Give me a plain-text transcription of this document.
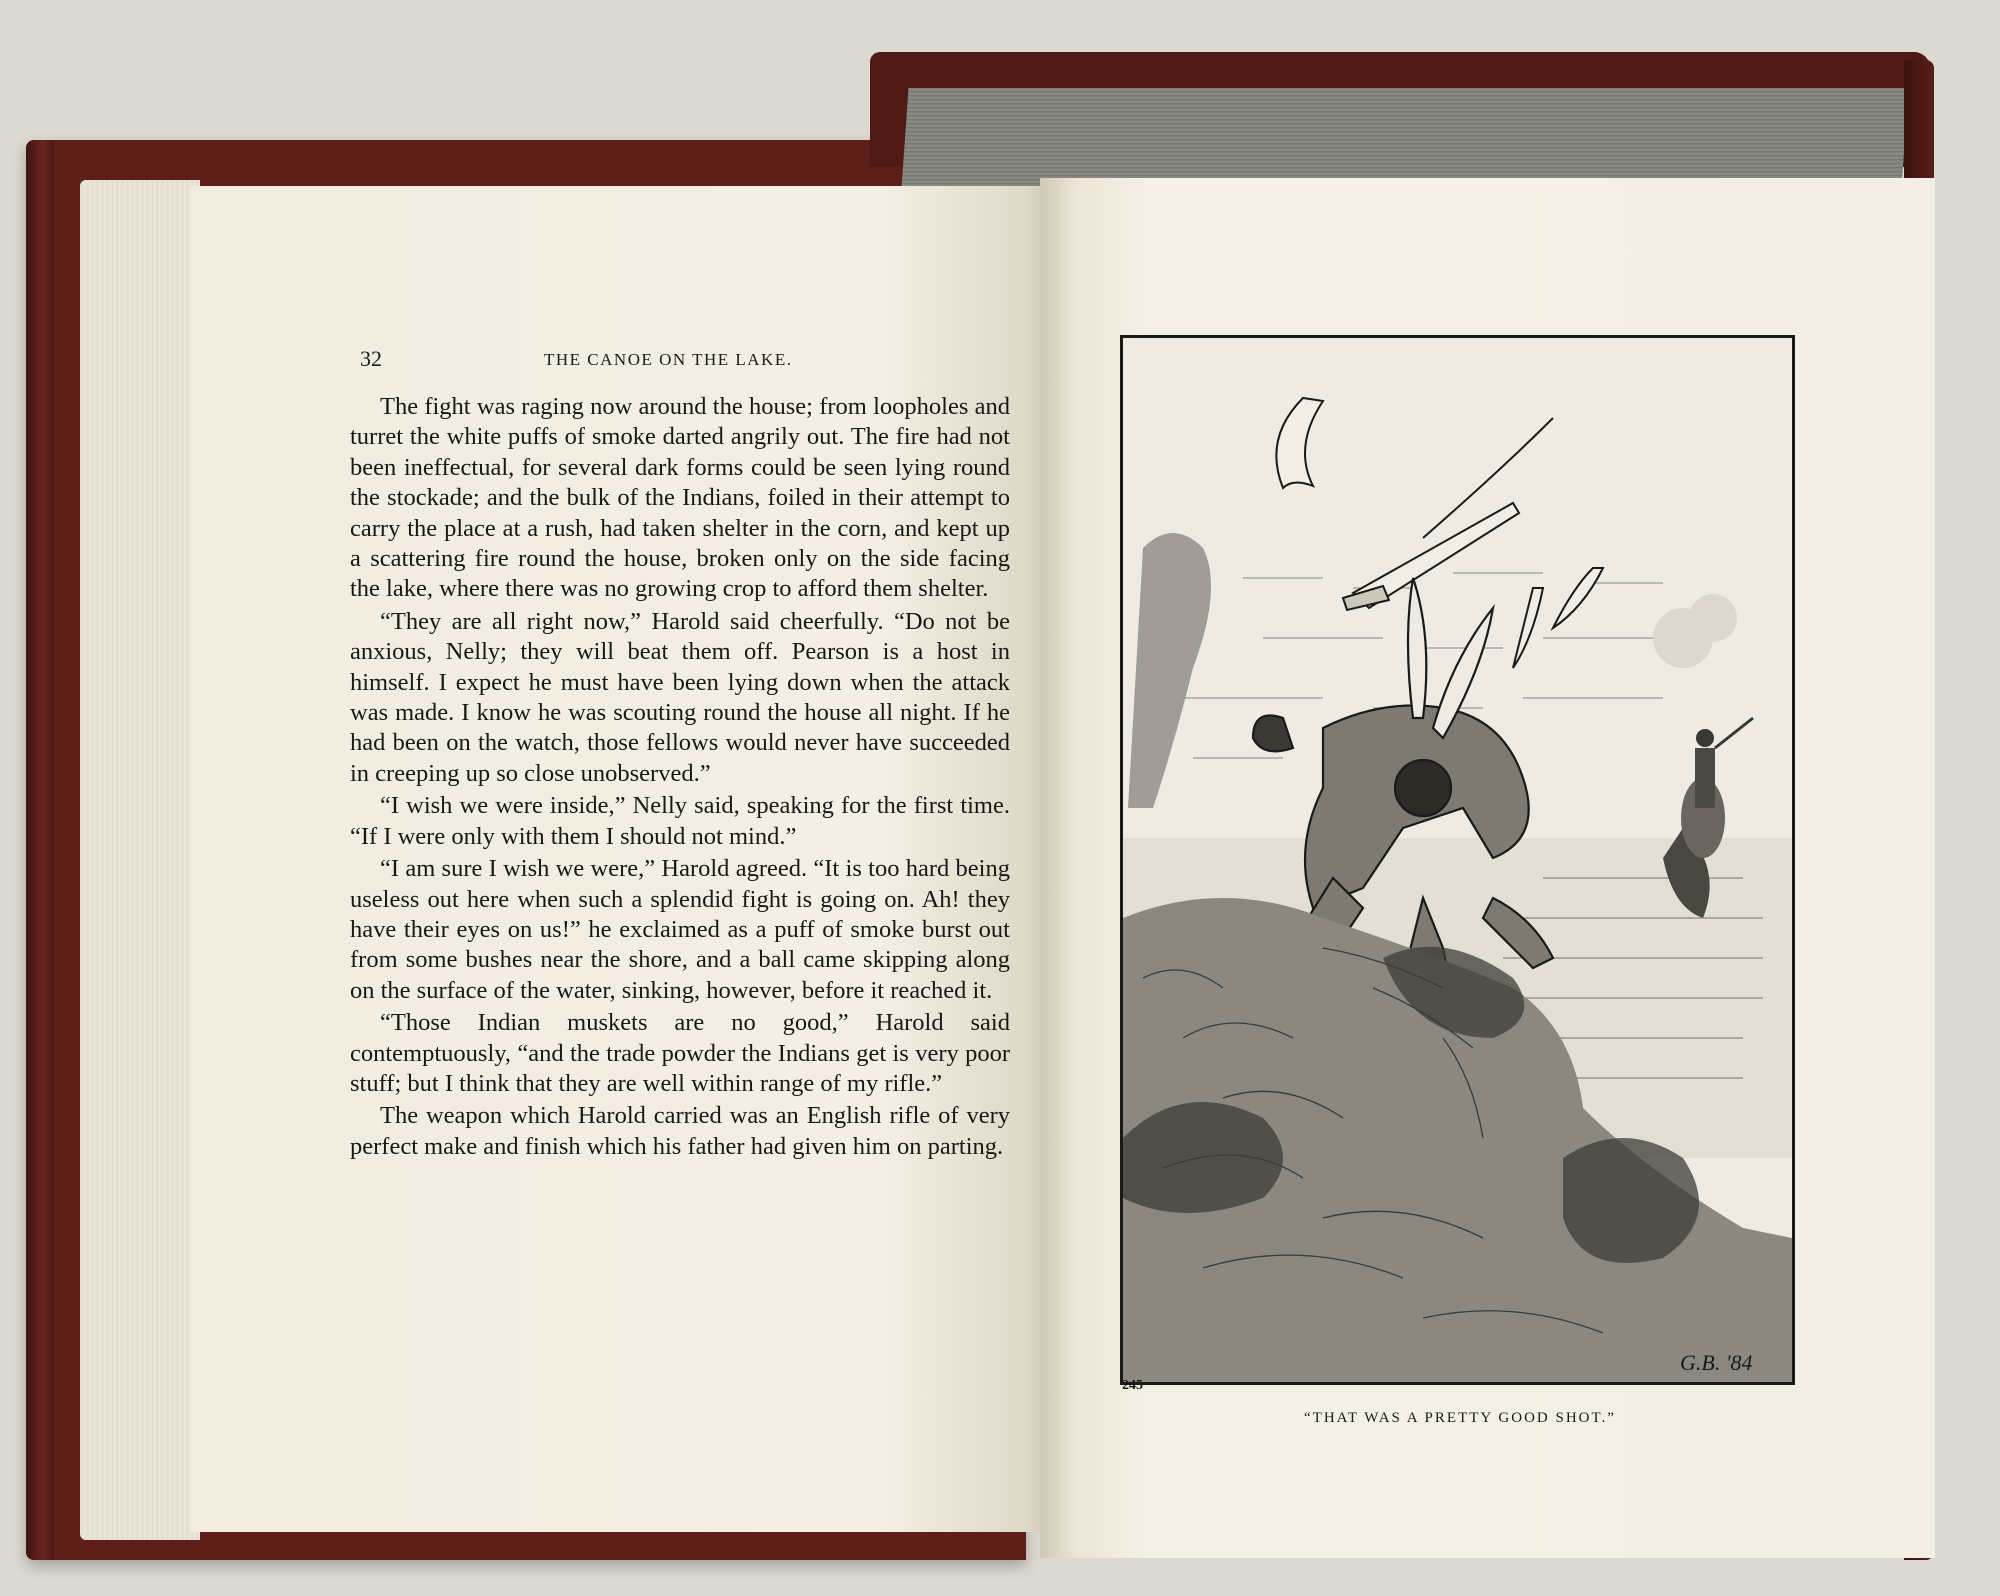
32	THE CANOE ON THE LAKE.

The fight was raging now around the house; from loopholes and turret the white puffs of smoke darted angrily out. The fire had not been ineffectual, for several dark forms could be seen lying round the stockade; and the bulk of the Indians, foiled in their attempt to carry the place at a rush, had taken shelter in the corn, and kept up a scattering fire round the house, broken only on the side facing the lake, where there was no growing crop to afford them shelter.

“They are all right now,” Harold said cheerfully. “Do not be anxious, Nelly; they will beat them off. Pearson is a host in himself. I expect he must have been lying down when the attack was made. I know he was scouting round the house all night. If he had been on the watch, those fellows would never have succeeded in creeping up so close unobserved.”

“I wish we were inside,” Nelly said, speaking for the first time. “If I were only with them I should not mind.”

“I am sure I wish we were,” Harold agreed. “It is too hard being useless out here when such a splendid fight is going on. Ah! they have their eyes on us!” he exclaimed as a puff of smoke burst out from some bushes near the shore, and a ball came skipping along on the surface of the water, sinking, however, before it reached it.

“Those Indian muskets are no good,” Harold said contemptuously, “and the trade powder the Indians get is very poor stuff; but I think that they are well within range of my rifle.”

The weapon which Harold carried was an English rifle of very perfect make and finish which his father had given him on parting.

G.B. '84
245
“THAT WAS A PRETTY GOOD SHOT.”
